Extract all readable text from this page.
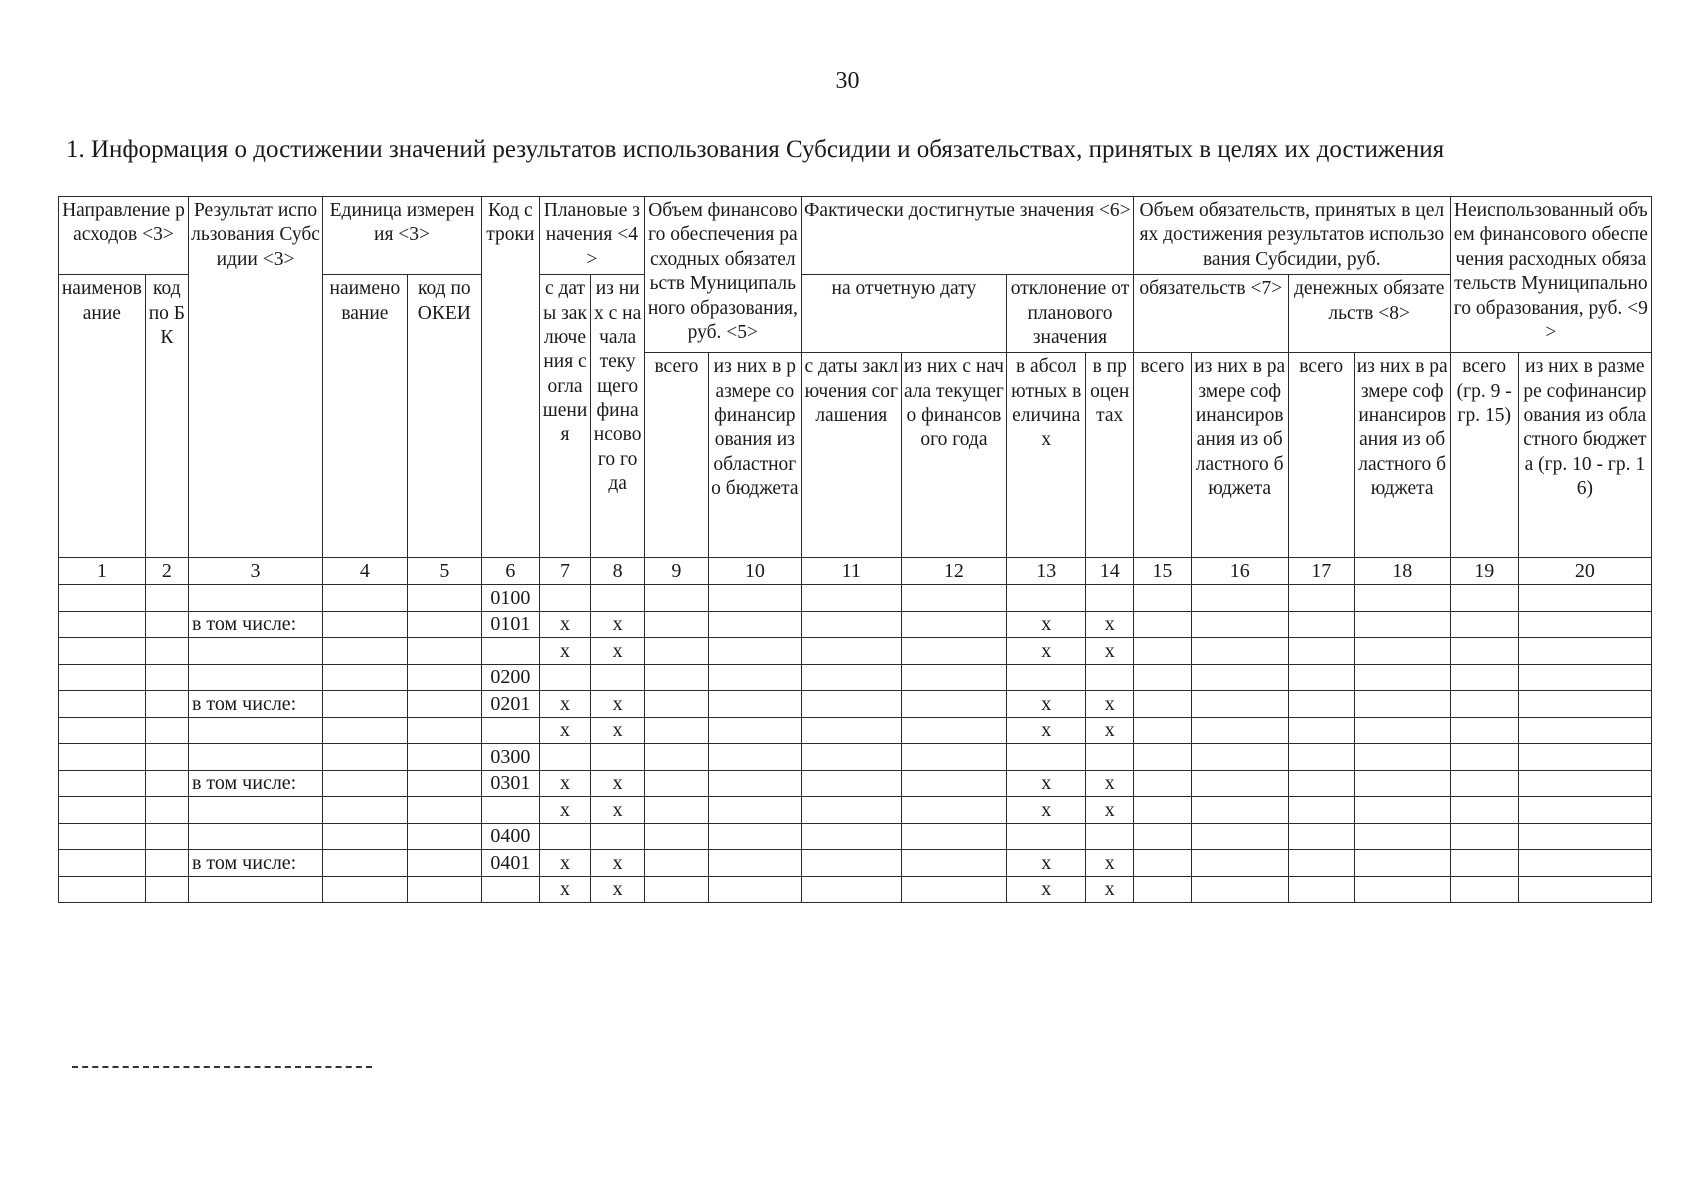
30
1. Информация о достижении значений результатов использования Субсидии и обязательствах, принятых в целях их достижения
Направление расходов <3>		Результат использования Субсидии <3>	Единица измерения <3>		Код строки	Плановые значения <4>		Объем финансового обеспечения расходных обязательств Муниципального образования, руб. <5>		Фактически достигнутые значения <6>				Объем обязательств, принятых в целях достижения результатов использования Субсидии, руб.				Неиспользованный объем финансового обеспечения расходных обязательств Муниципального образования, руб. <9>	
наименование	код по БК		наименование	код по ОКЕИ		с даты заключения соглашения	из них с начала текущего финансового года			на отчетную дату		отклонение от планового значения		обязательств <7>		денежных обязательств <8>			
								всего	из них в размере софинансирования из областного бюджета	с даты заключения соглашения	из них с начала текущего финансового года	в абсолютных величинах	в процентах	всего	из них в размере софинансирования из областного бюджета	всего	из них в размере софинансирования из областного бюджета	всего (гр. 9 - гр. 15)	из них в размере софинансирования из областного бюджета (гр. 10 - гр. 16)
1	2	3	4	5	6	7	8	9	10	11	12	13	14	15	16	17	18	19	20
					0100														
		в том числе:			0101	х	х					х	х						
						х	х					х	х						
					0200														
		в том числе:			0201	х	х					х	х						
						х	х					х	х						
					0300														
		в том числе:			0301	х	х					х	х						
						х	х					х	х						
					0400														
		в том числе:			0401	х	х					х	х						
						х	х					х	х						
